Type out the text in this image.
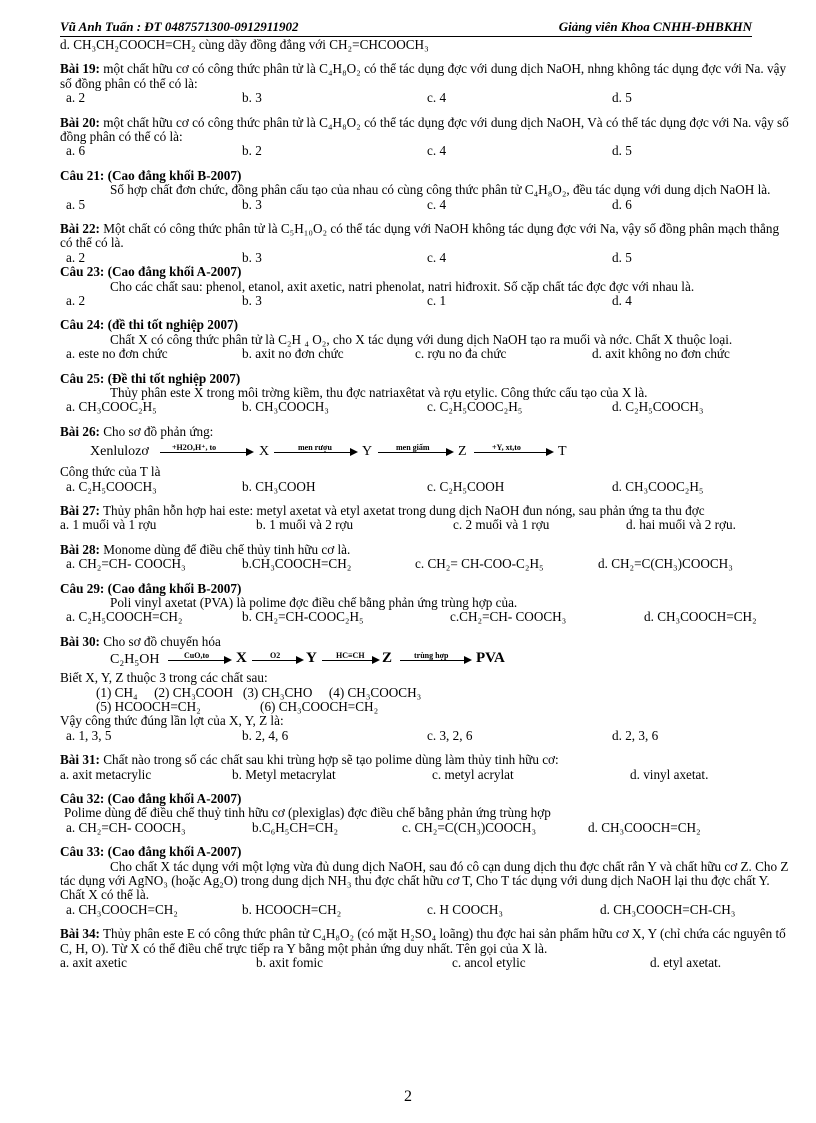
Vũ Anh Tuấn : ĐT 0487571300-0912911902	Giảng viên Khoa CNHH-ĐHBKHN
d. CH₃CH₂COOCH=CH₂ cùng dãy đồng đẳng với CH₂=CHCOOCH₃
Bài 19: một chất hữu cơ có công thức phân tử là C₄H₈O₂ có thể tác dụng đợc với dung dịch NaOH, nhng không tác dụng đợc với Na. vậy số đồng phân có thể có là:
a. 2	b. 3	c. 4	d. 5
Bài 20: một chất hữu cơ có công thức phân tử là C₄H₈O₂ có thể tác dụng đợc với dung dịch NaOH, Và có thể tác dụng đợc với Na. vậy số đồng phân có thể có là:
a. 6	b. 2	c. 4	d. 5
Câu 21: (Cao đẳng khối B-2007)
Số hợp chất đơn chức, đồng phân cấu tạo của nhau có cùng công thức phân tử C₄H₈O₂, đều tác dụng với dung dịch NaOH là.
a. 5	b. 3	c. 4	d. 6
Bài 22: Một chất có công thức phân tử là C₅H₁₀O₂ có thể tác dụng với NaOH không tác dụng đợc với Na, vậy số đồng phân mạch thẳng có thể có là.
a. 2	b. 3	c. 4	d. 5
Câu 23: (Cao đẳng khối A-2007)
Cho các chất sau: phenol, etanol, axit axetic, natri phenolat, natri hiđroxit. Số cặp chất tác đợc đợc với nhau là.
a. 2	b. 3	c. 1	d. 4
Câu 24: (đề thi tốt nghiệp 2007)
Chất X có công thức phân tử là C₂H ₄ O₂, cho X tác dụng với dung dịch NaOH tạo ra muối và nớc. Chất X thuộc loại.
a. este no đơn chức	b. axit no đơn chức	c. rợu no đa chức	d. axit không no đơn chức
Câu 25: (Đề thi tốt nghiệp 2007)
Thủy phân este X trong môi trờng kiềm, thu đợc natriaxêtat và rợu etylic. Công thức cấu tạo của X là.
a. CH₃COOC₂H₅	b. CH₃COOCH₃	c. C₂H₅COOC₂H₅	d. C₂H₅COOCH₃
Bài 26: Cho sơ đồ phản ứng:
Xenlulozơ	+H2O,H⁺, to	X	men rượu Y	men giấm Z	+Y, xt,to	T
Công thức của T là
a. C₂H₅COOCH₃	b. CH₃COOH	c. C₂H₅COOH	d. CH₃COOC₂H₅
Bài 27: Thủy phân hỗn hợp hai este: metyl axetat và etyl axetat trong dung dịch NaOH đun nóng, sau phản ứng ta thu đợc
a. 1 muối và 1 rợu	b. 1 muối và 2 rợu	c. 2 muối và 1 rợu	d. hai muối và 2 rợu.
Bài 28: Monome dùng để điều chế thủy tinh hữu cơ là.
a. CH₂=CH- COOCH₃	b.CH₃COOCH=CH₂	c. CH₂= CH-COO-C₂H₅	d. CH₂=C(CH₃)COOCH₃
Câu 29: (Cao đẳng khối B-2007)
Poli vinyl axetat (PVA) là polime đợc điều chế bằng phản ứng trùng hợp của.
a. C₂H₅COOCH=CH₂	b. CH₂=CH-COOC₂H₅	c.CH₂=CH- COOCH₃	d. CH₃COOCH=CH₂
Bài 30: Cho sơ đồ chuyển hóa
C₂H₅OH	CuO,to X	O2 Y HC≡CH Z	trùng hợp PVA
Biết X, Y, Z thuộc 3 trong các chất sau:
(1) CH₄     (2) CH₃COOH   (3) CH₃CHO     (4) CH₃COOCH₃
(5) HCOOCH=CH₂                  (6) CH₃COOCH=CH₂
Vậy công thức đúng lần lợt của X, Y, Z là:
a. 1, 3, 5	b. 2, 4, 6	c. 3, 2, 6	d. 2, 3, 6
Bài 31: Chất nào trong số các chất sau khi trùng hợp sẽ tạo polime dùng làm thủy tinh hữu cơ:
a. axit metacrylic	b. Metyl metacrylat	c. metyl acrylat	d. vinyl axetat.
Câu 32: (Cao đẳng khối A-2007)
Polime dùng để điều chế thuỷ tinh hữu cơ (plexiglas) đợc điều chế bằng phản ứng trùng hợp
a. CH₂=CH- COOCH₃	b.C₆H₅CH=CH₂	c. CH₂=C(CH₃)COOCH₃	d. CH₃COOCH=CH₂
Câu 33: (Cao đẳng khối A-2007)
Cho chất X tác dụng với một lợng vừa đủ dung dịch NaOH, sau đó cô cạn dung dịch thu đợc chất rắn Y và chất hữu cơ Z. Cho Z tác dụng với AgNO₃ (hoặc Ag₂O) trong dung dịch NH₃ thu đợc chất hữu cơ T, Cho T tác dụng với dung dịch NaOH lại thu đợc chất Y. Chất X có thể là.
a. CH₃COOCH=CH₂	b. HCOOCH=CH₂	c. H COOCH₃	d. CH₃COOCH=CH-CH₃
Bài 34: Thủy phân este E có công thức phân tử C₄H₈O₂ (có mặt H₂SO₄ loãng) thu đợc hai sản phẩm hữu cơ X, Y (chỉ chứa các nguyên tố C, H, O). Từ X có thể điều chế trực tiếp ra Y bằng một phản ứng duy nhất. Tên gọi của X là.
a. axit axetic	b. axit fomic	c. ancol etylic	d. etyl axetat.
2
